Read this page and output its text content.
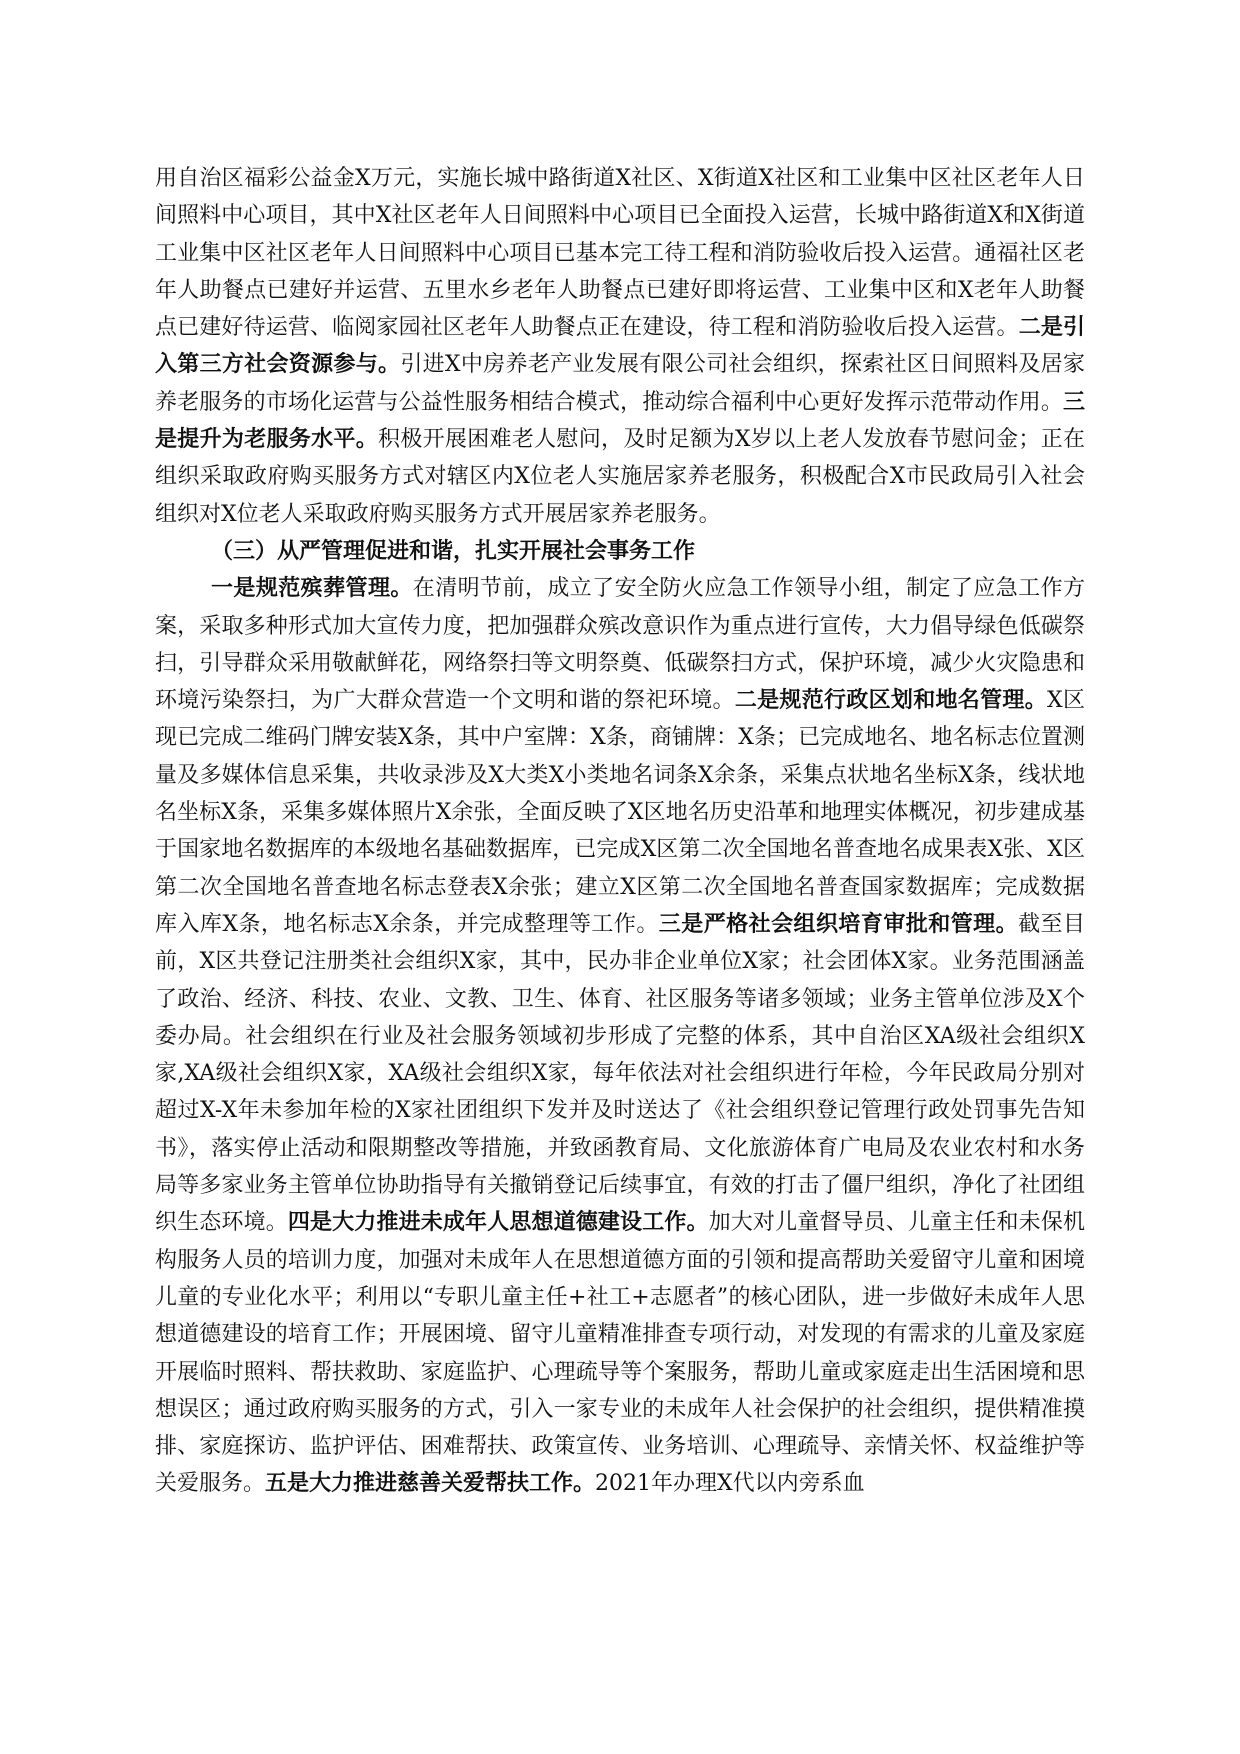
用自治区福彩公益金X万元，实施长城中路街道X社区、X街道X社区和工业集中区社区老年人日间照料中心项目，其中X社区老年人日间照料中心项目已全面投入运营，长城中路街道X和X街道工业集中区社区老年人日间照料中心项目已基本完工待工程和消防验收后投入运营。通福社区老年人助餐点已建好并运营、五里水乡老年人助餐点已建好即将运营、工业集中区和X老年人助餐点已建好待运营、临阅家园社区老年人助餐点正在建设，待工程和消防验收后投入运营。二是引入第三方社会资源参与。引进X中房养老产业发展有限公司社会组织，探索社区日间照料及居家养老服务的市场化运营与公益性服务相结合模式，推动综合福利中心更好发挥示范带动作用。三是提升为老服务水平。积极开展困难老人慰问，及时足额为X岁以上老人发放春节慰问金；正在组织采取政府购买服务方式对辖区内X位老人实施居家养老服务，积极配合X市民政局引入社会组织对X位老人采取政府购买服务方式开展居家养老服务。

（三）从严管理促进和谐，扎实开展社会事务工作

一是规范殡葬管理。在清明节前，成立了安全防火应急工作领导小组，制定了应急工作方案，采取多种形式加大宣传力度，把加强群众殡改意识作为重点进行宣传，大力倡导绿色低碳祭扫，引导群众采用敬献鲜花，网络祭扫等文明祭奠、低碳祭扫方式，保护环境，减少火灾隐患和环境污染祭扫，为广大群众营造一个文明和谐的祭祀环境。二是规范行政区划和地名管理。X区现已完成二维码门牌安装X条，其中户室牌：X条，商铺牌：X条；已完成地名、地名标志位置测量及多媒体信息采集，共收录涉及X大类X小类地名词条X余条，采集点状地名坐标X条，线状地名坐标X条，采集多媒体照片X余张，全面反映了X区地名历史沿革和地理实体概况，初步建成基于国家地名数据库的本级地名基础数据库，已完成X区第二次全国地名普查地名成果表X张、X区第二次全国地名普查地名标志登表X余张；建立X区第二次全国地名普查国家数据库；完成数据库入库X条，地名标志X余条，并完成整理等工作。三是严格社会组织培育审批和管理。截至目前，X区共登记注册类社会组织X家，其中，民办非企业单位X家；社会团体X家。业务范围涵盖了政治、经济、科技、农业、文教、卫生、体育、社区服务等诸多领域；业务主管单位涉及X个委办局。社会组织在行业及社会服务领域初步形成了完整的体系，其中自治区XA级社会组织X家,XA级社会组织X家，XA级社会组织X家，每年依法对社会组织进行年检，今年民政局分别对超过X-X年未参加年检的X家社团组织下发并及时送达了《社会组织登记管理行政处罚事先告知书》，落实停止活动和限期整改等措施，并致函教育局、文化旅游体育广电局及农业农村和水务局等多家业务主管单位协助指导有关撤销登记后续事宜，有效的打击了僵尸组织，净化了社团组织生态环境。四是大力推进未成年人思想道德建设工作。加大对儿童督导员、儿童主任和未保机构服务人员的培训力度，加强对未成年人在思想道德方面的引领和提高帮助关爱留守儿童和困境儿童的专业化水平；利用以“专职儿童主任+社工+志愿者”的核心团队，进一步做好未成年人思想道德建设的培育工作；开展困境、留守儿童精准排查专项行动，对发现的有需求的儿童及家庭开展临时照料、帮扶救助、家庭监护、心理疏导等个案服务，帮助儿童或家庭走出生活困境和思想误区；通过政府购买服务的方式，引入一家专业的未成年人社会保护的社会组织，提供精准摸排、家庭探访、监护评估、困难帮扶、政策宣传、业务培训、心理疏导、亲情关怀、权益维护等关爱服务。五是大力推进慈善关爱帮扶工作。2021年办理X代以内旁系血
